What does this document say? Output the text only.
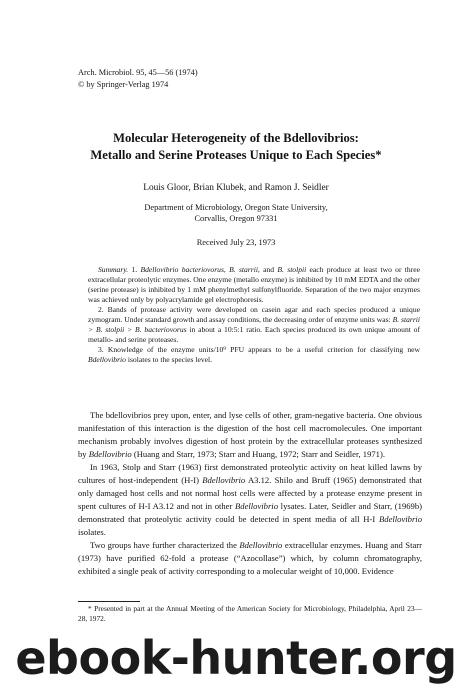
Arch. Microbiol. 95, 45—56 (1974)
© by Springer-Verlag 1974
Molecular Heterogeneity of the Bdellovibrios:
Metallo and Serine Proteases Unique to Each Species*
Louis Gloor, Brian Klubek, and Ramon J. Seidler
Department of Microbiology, Oregon State University,
Corvallis, Oregon 97331
Received July 23, 1973

Summary. 1. Bdellovibrio bacteriovorus, B. starrii, and B. stolpii each produce at least two or three extracellular proteolytic enzymes. One enzyme (metallo enzyme) is inhibited by 10 mM EDTA and the other (serine protease) is inhibited by 1 mM phenylmethyl sulfonylfluoride. Separation of the two major enzymes was achieved only by polyacrylamide gel electrophoresis.

2. Bands of protease activity were developed on casein agar and each species produced a unique zymogram. Under standard growth and assay conditions, the decreasing order of enzyme units was: B. starrii > B. stolpii > B. bacteriovorus in about a 10:5:1 ratio. Each species produced its own unique amount of metallo- and serine proteases.

3. Knowledge of the enzyme units/10⁹ PFU appears to be a useful criterion for classifying new Bdellovibrio isolates to the species level.

The bdellovibrios prey upon, enter, and lyse cells of other, gram-negative bacteria. One obvious manifestation of this interaction is the digestion of the host cell macromolecules. One important mechanism probably involves digestion of host protein by the extracellular proteases synthesized by Bdellovibrio (Huang and Starr, 1973; Starr and Huang, 1972; Starr and Seidler, 1971).

In 1963, Stolp and Starr (1963) first demonstrated proteolytic activity on heat killed lawns by cultures of host-independent (H-I) Bdellovibrio A3.12. Shilo and Bruff (1965) demonstrated that only damaged host cells and not normal host cells were affected by a protease enzyme present in spent cultures of H-I A3.12 and not in other Bdellovibrio lysates. Later, Seidler and Starr, (1969b) demonstrated that proteolytic activity could be detected in spent media of all H-I Bdellovibrio isolates.

Two groups have further characterized the Bdellovibrio extracellular enzymes. Huang and Starr (1973) have purified 62-fold a protease (“Azocollase”) which, by column chromatography, exhibited a single peak of activity corresponding to a molecular weight of 10,000. Evidence

* Presented in part at the Annual Meeting of the American Society for Microbiology, Philadelphia, April 23—28, 1972.

ebook-hunter.org
